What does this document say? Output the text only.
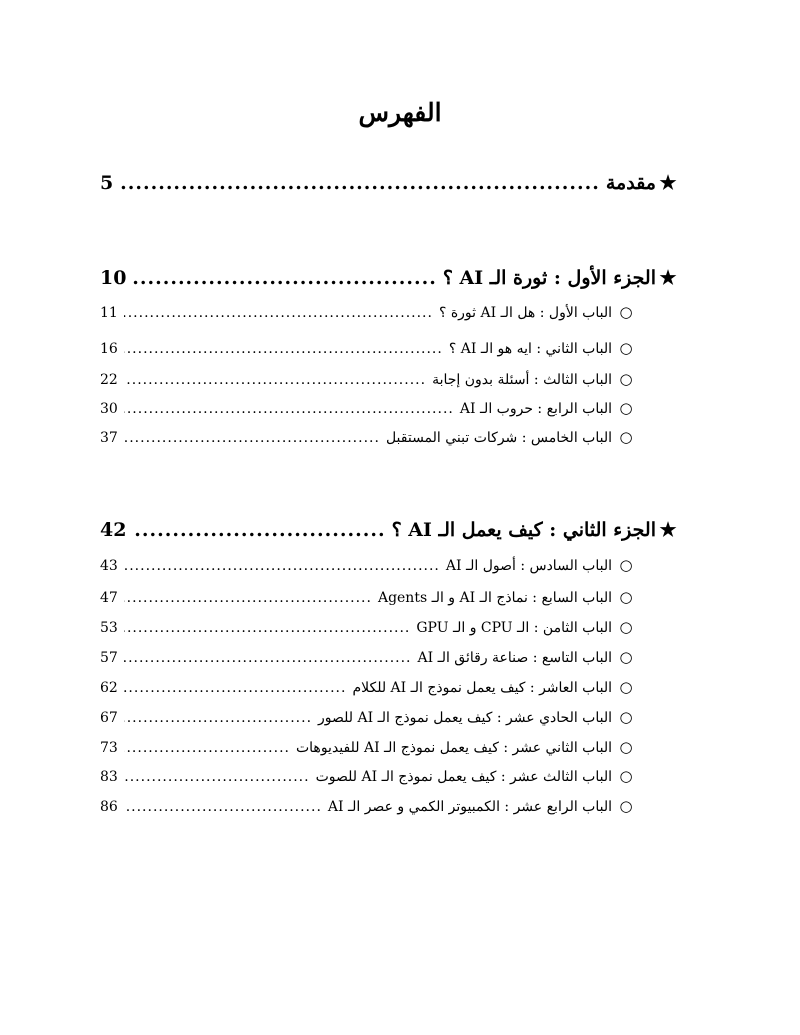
الفهرس
★
مقدمة
.....
5
★
الجزء الأول : ثورة الـ AI ؟
.....
10
○
الباب الأول : هل الـ AI ثورة ؟
.....
11
○
الباب الثاني : ايه هو الـ AI ؟
.....
16
○
الباب الثالث : أسئلة بدون إجابة
.....
22
○
الباب الرابع : حروب الـ AI
.....
30
○
الباب الخامس : شركات تبني المستقبل
.....
37
★
الجزء الثاني : كيف يعمل الـ AI ؟
.....
42
○
الباب السادس : أصول الـ AI
.....
43
○
الباب السابع : نماذج الـ AI و الـ Agents
.....
47
○
الباب الثامن : الـ CPU و الـ GPU
.....
53
○
الباب التاسع : صناعة رقائق الـ AI
.....
57
○
الباب العاشر : كيف يعمل نموذج الـ AI للكلام
.....
62
○
الباب الحادي عشر : كيف يعمل نموذج الـ AI للصور
.....
67
○
الباب الثاني عشر : كيف يعمل نموذج الـ AI للفيديوهات
.....
73
○
الباب الثالث عشر : كيف يعمل نموذج الـ AI للصوت
.....
83
○
الباب الرابع عشر : الكمبيوتر الكمي و عصر الـ AI
.....
86
